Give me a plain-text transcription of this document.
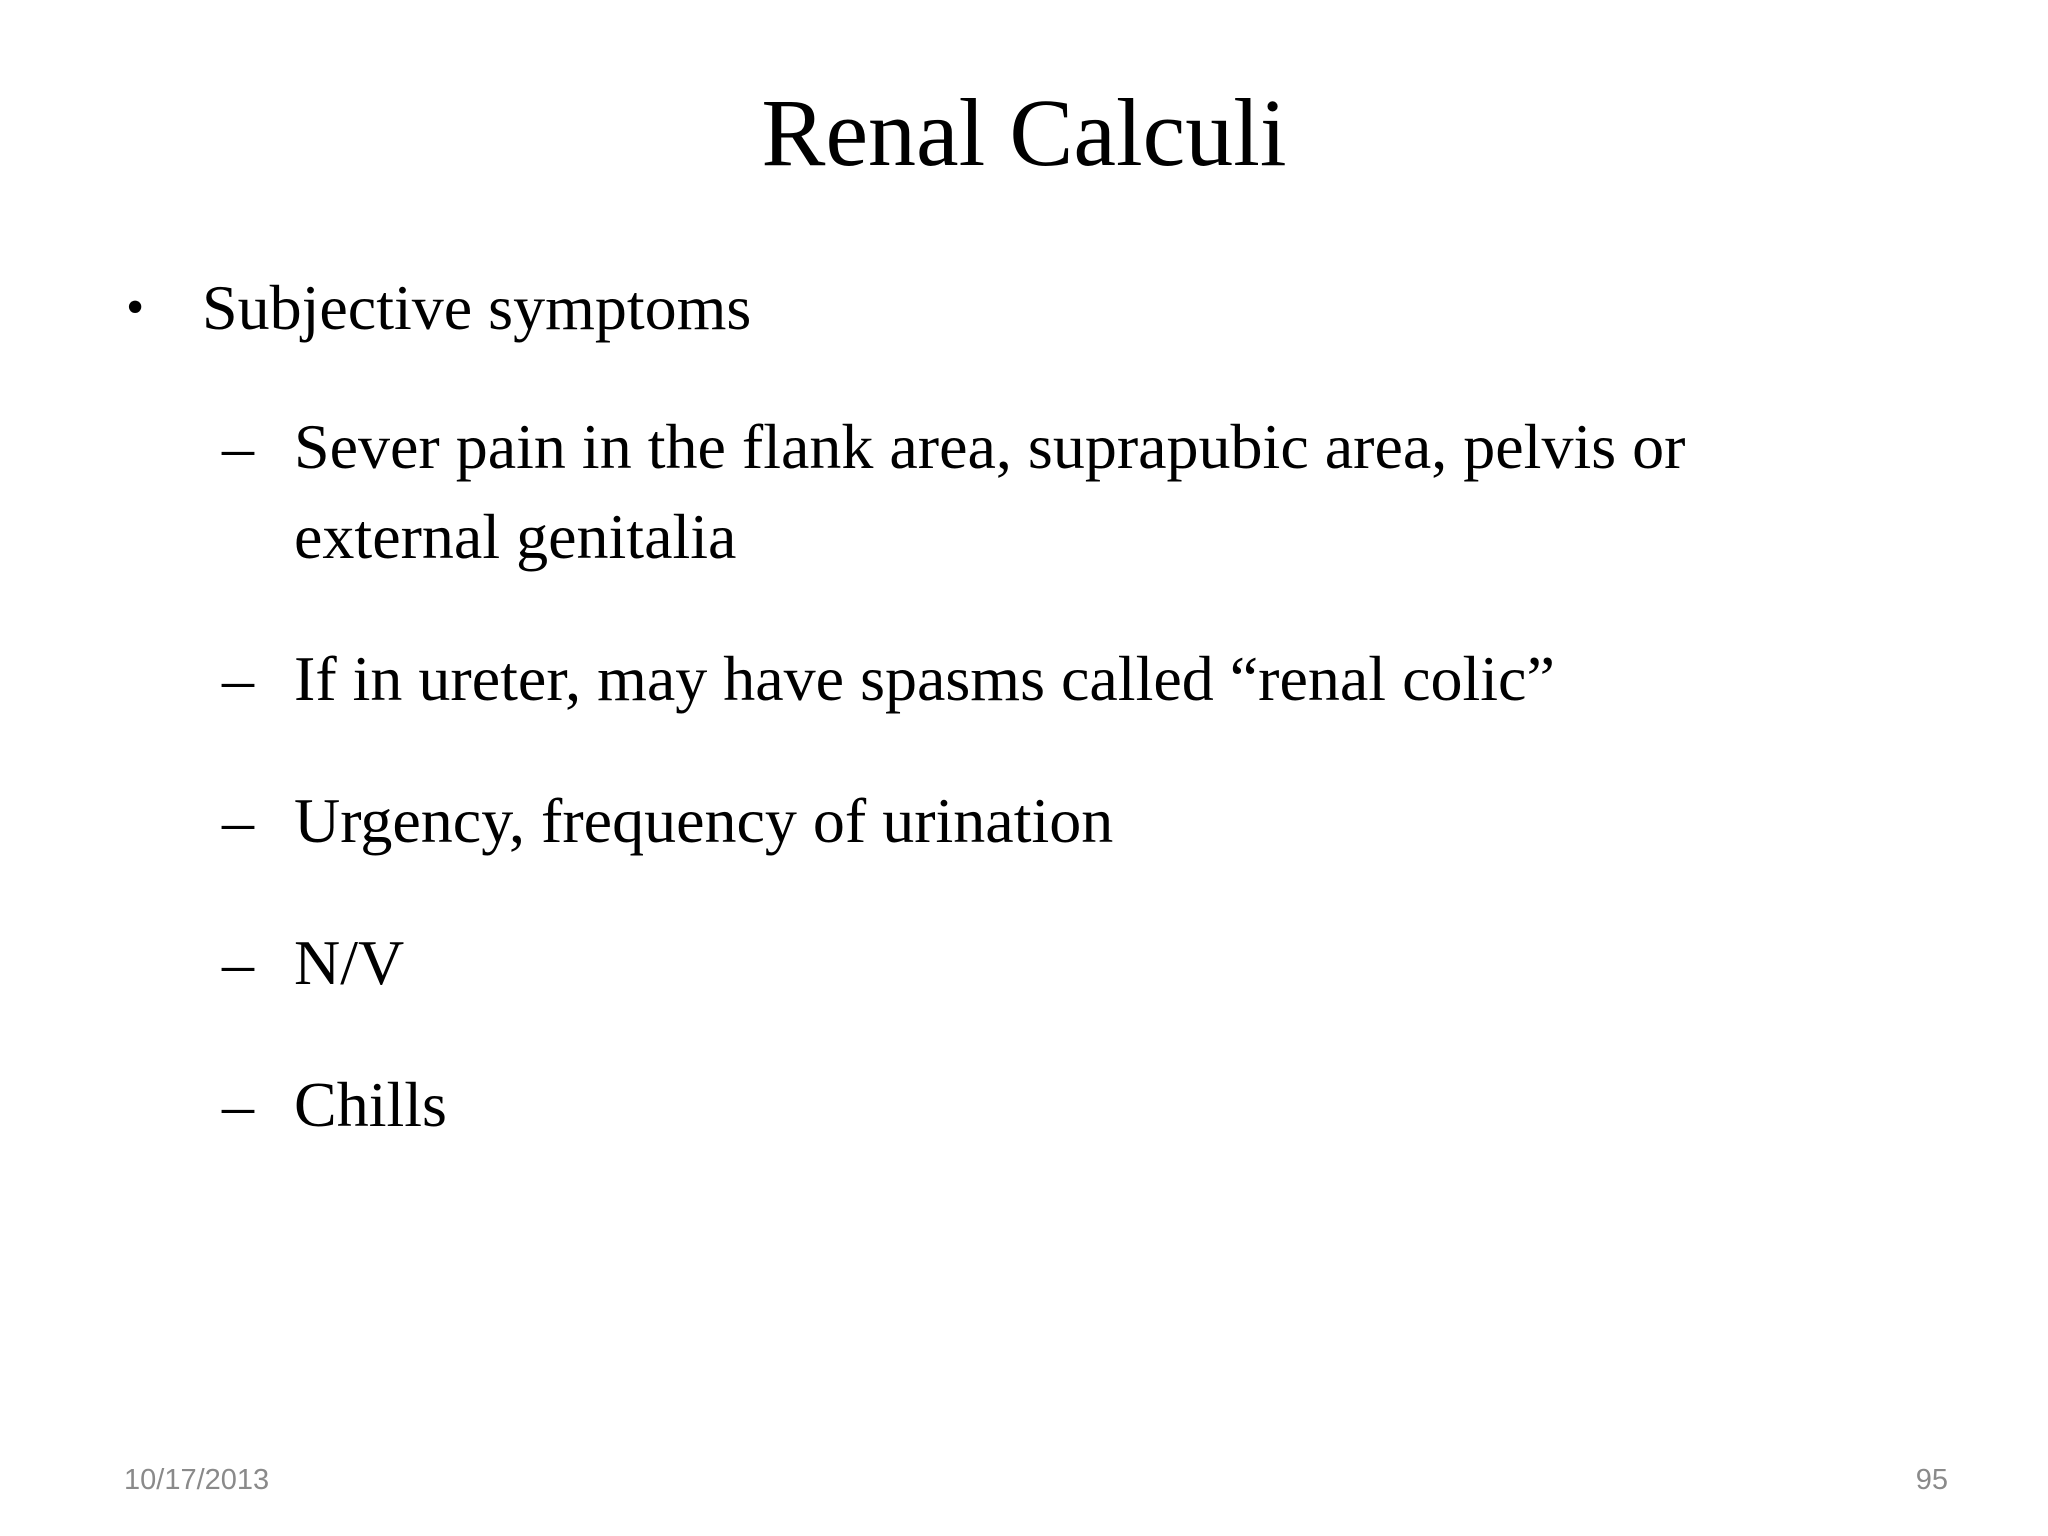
Renal Calculi
• Subjective symptoms
– Sever pain in the flank area, suprapubic area, pelvis or external genitalia
– If in ureter, may have spasms called “renal colic”
– Urgency, frequency of urination
– N/V
– Chills
10/17/2013	95
